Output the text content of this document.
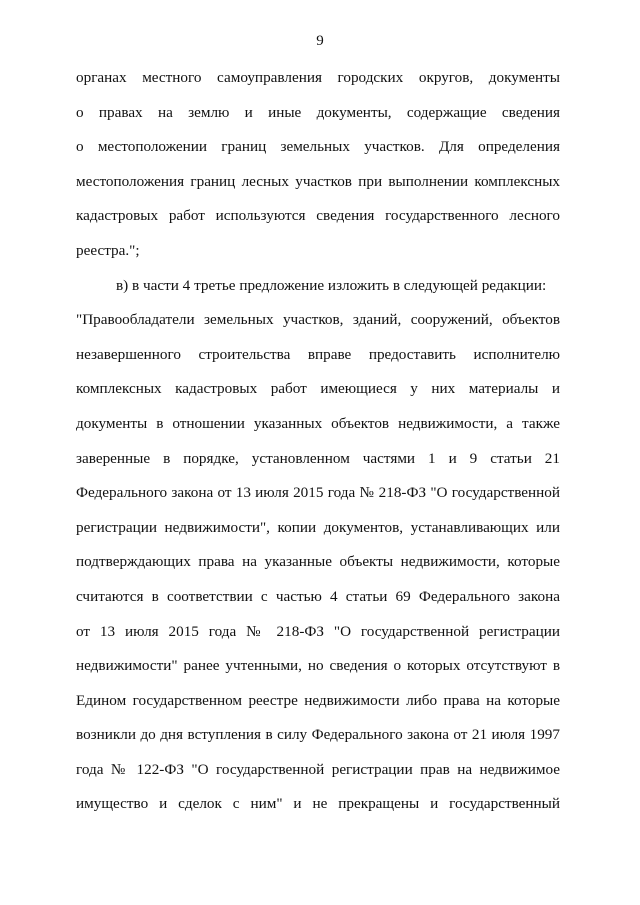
9
органах местного самоуправления городских округов, документы
о правах на землю и иные документы, содержащие сведения
о местоположении границ земельных участков. Для определения
местоположения границ лесных участков при выполнении комплексных
кадастровых работ используются сведения государственного лесного
реестра.";
в) в части 4 третье предложение изложить в следующей редакции:
"Правообладатели земельных участков, зданий, сооружений, объектов
незавершенного строительства вправе предоставить исполнителю
комплексных кадастровых работ имеющиеся у них материалы и
документы в отношении указанных объектов недвижимости, а также
заверенные в порядке, установленном частями 1 и 9 статьи 21
Федерального закона от 13 июля 2015 года № 218-ФЗ "О государственной
регистрации недвижимости", копии документов, устанавливающих или
подтверждающих права на указанные объекты недвижимости, которые
считаются в соответствии с частью 4 статьи 69 Федерального закона
от 13 июля 2015 года № 218-ФЗ "О государственной регистрации
недвижимости" ранее учтенными, но сведения о которых отсутствуют в
Едином государственном реестре недвижимости либо права на которые
возникли до дня вступления в силу Федерального закона от 21 июля 1997
года № 122-ФЗ "О государственной регистрации прав на недвижимое
имущество и сделок с ним" и не прекращены и государственный
